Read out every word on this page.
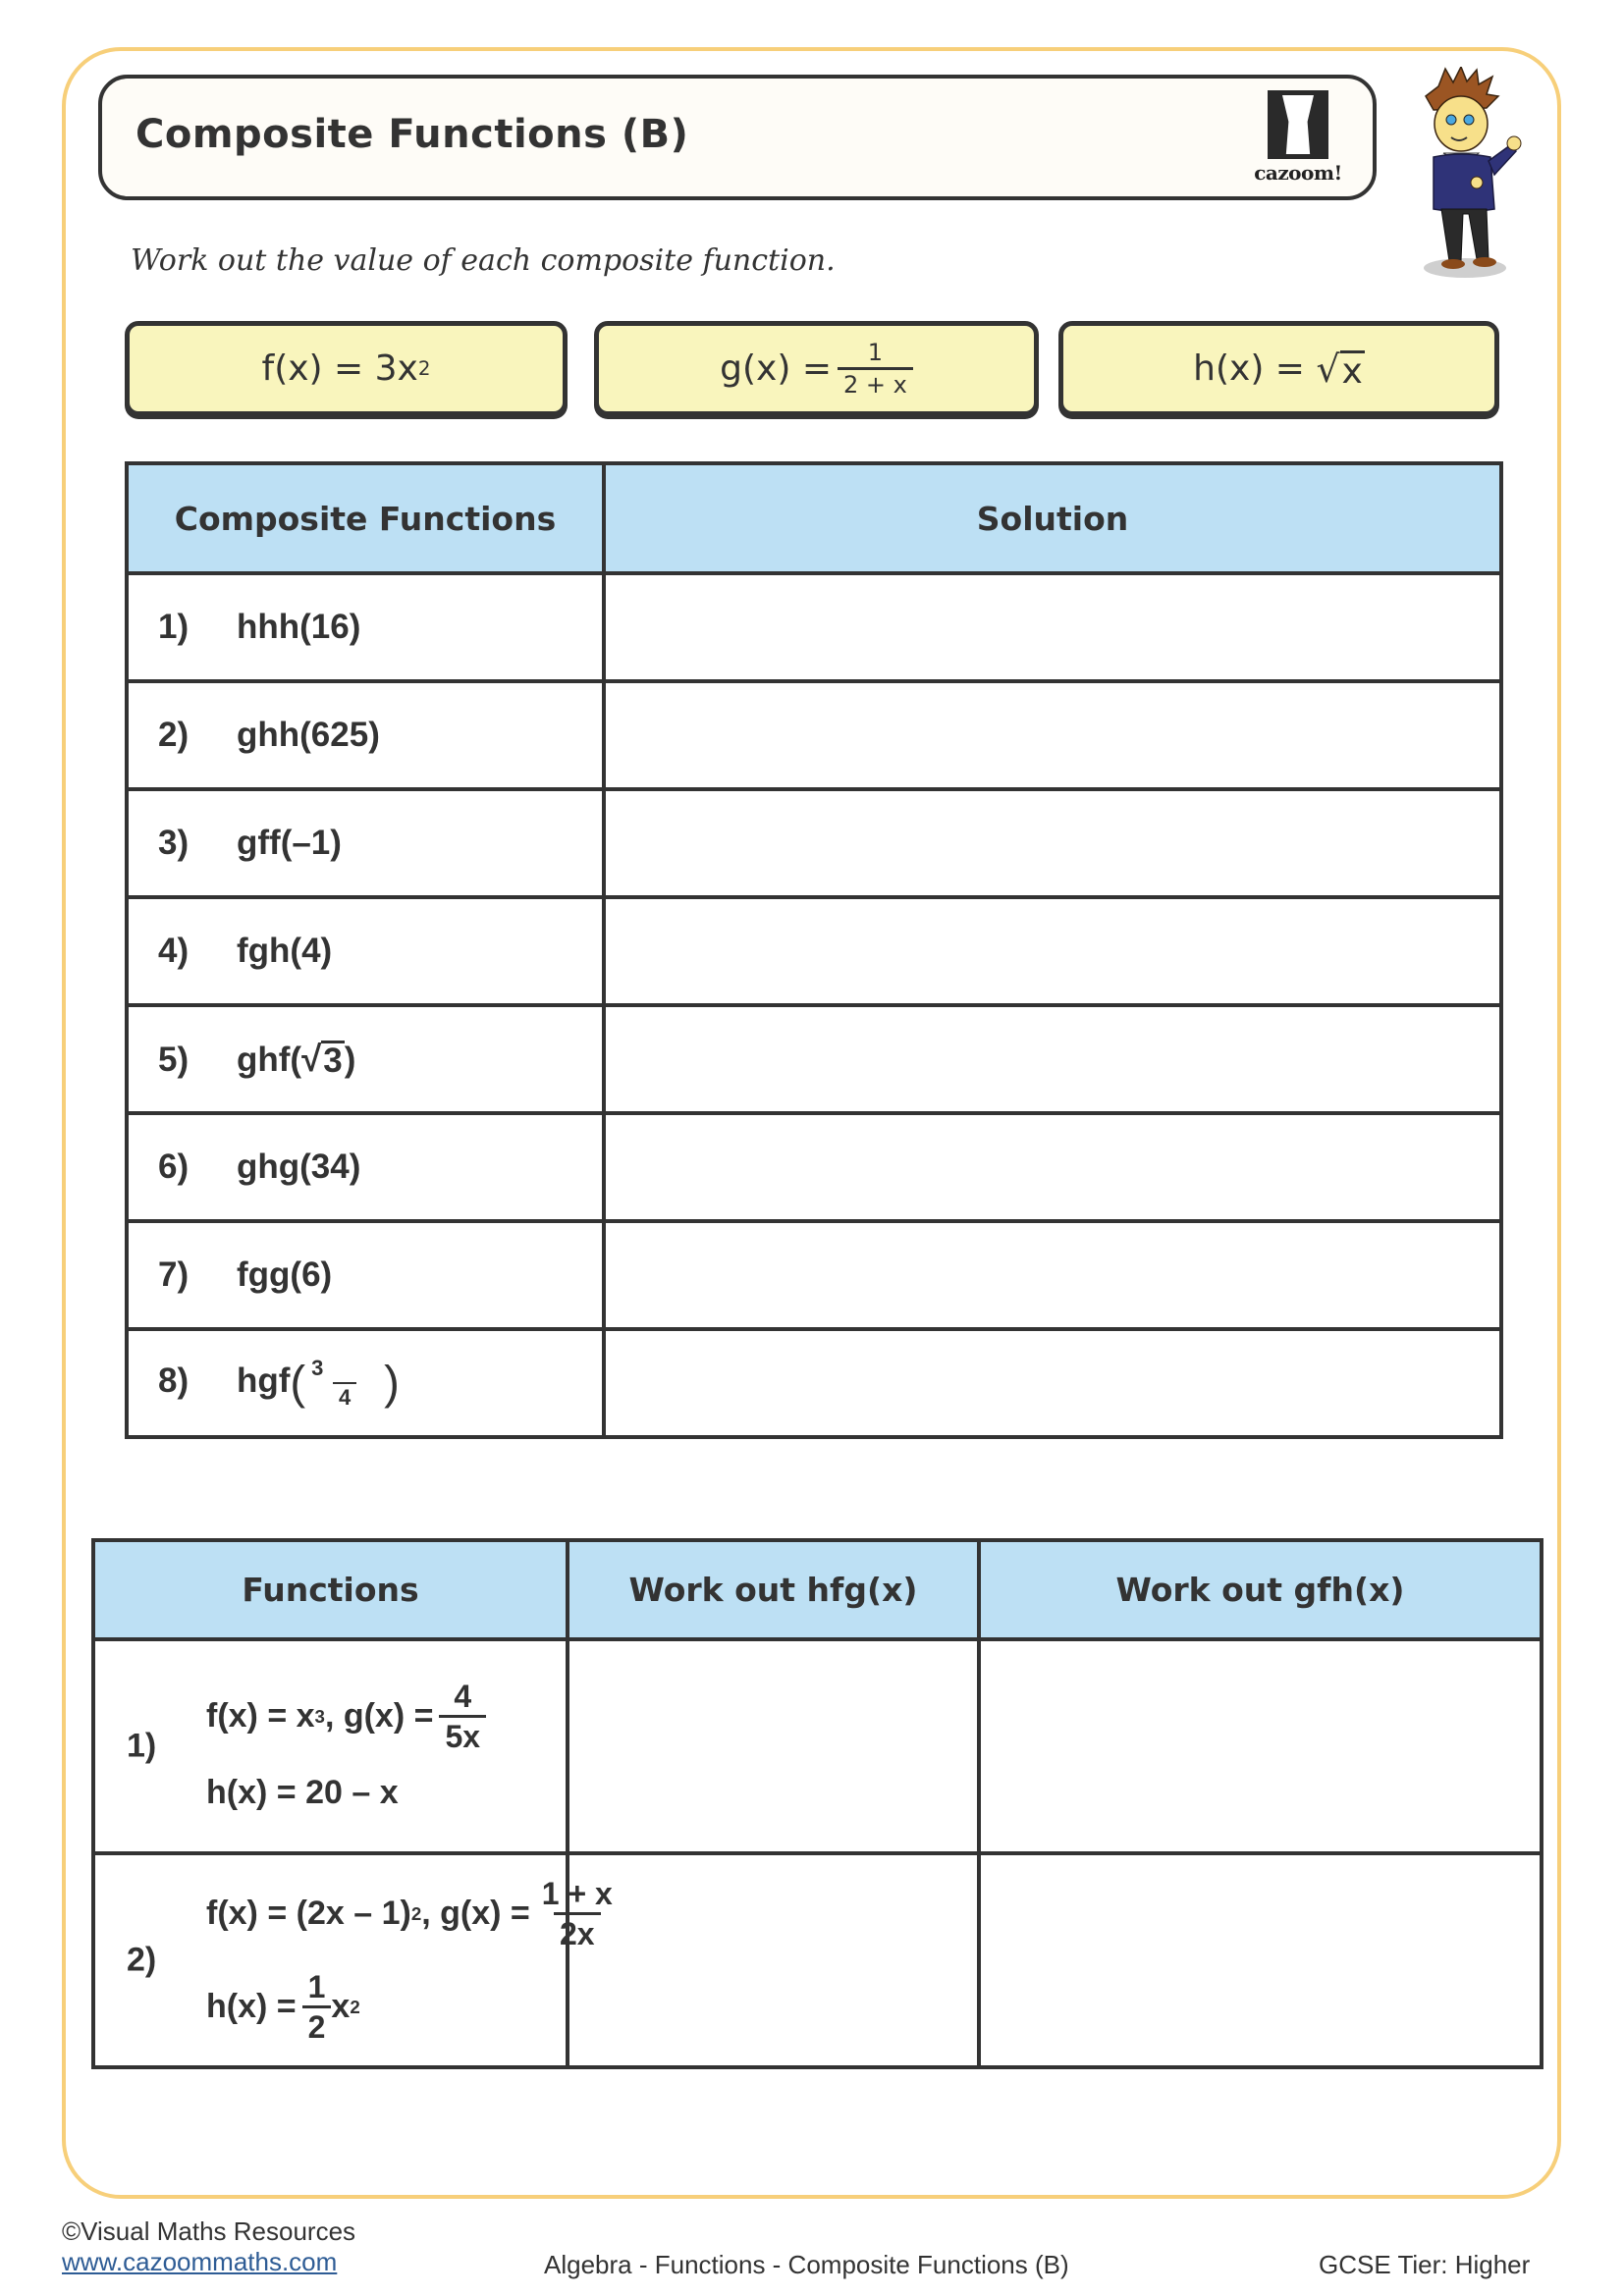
Composite Functions (B)
cazoom!
Work out the value of each composite function.
f(x) = 3x 2	$g(x) = \frac{1}{2 + x}$	h(x) =
√ x
Composite Functions	Solution
1) hhh(16)	
2) ghh(625)	
3) gff(–1)	
4) fgh(4)	
5) ghf( √ 3 )	
6) ghg(34)	
7) fgg(6)	
8) $hgf( \frac{3}{4}$ )	
Functions	Work out hfg(x)	Work out gfh(x)

1)
f(x) = x 3 , $g(x) = \frac{4}{5x}$
h(x) = 20 – x

2)
f(x) = (2x – 1) 2 , $g(x) = \frac{1 + x}{2x}$
$h(x) = \frac{1}{2}$ x 2

©Visual Maths Resources
www.cazoommaths.com	Algebra - Functions - Composite Functions (B)	GCSE Tier: Higher
